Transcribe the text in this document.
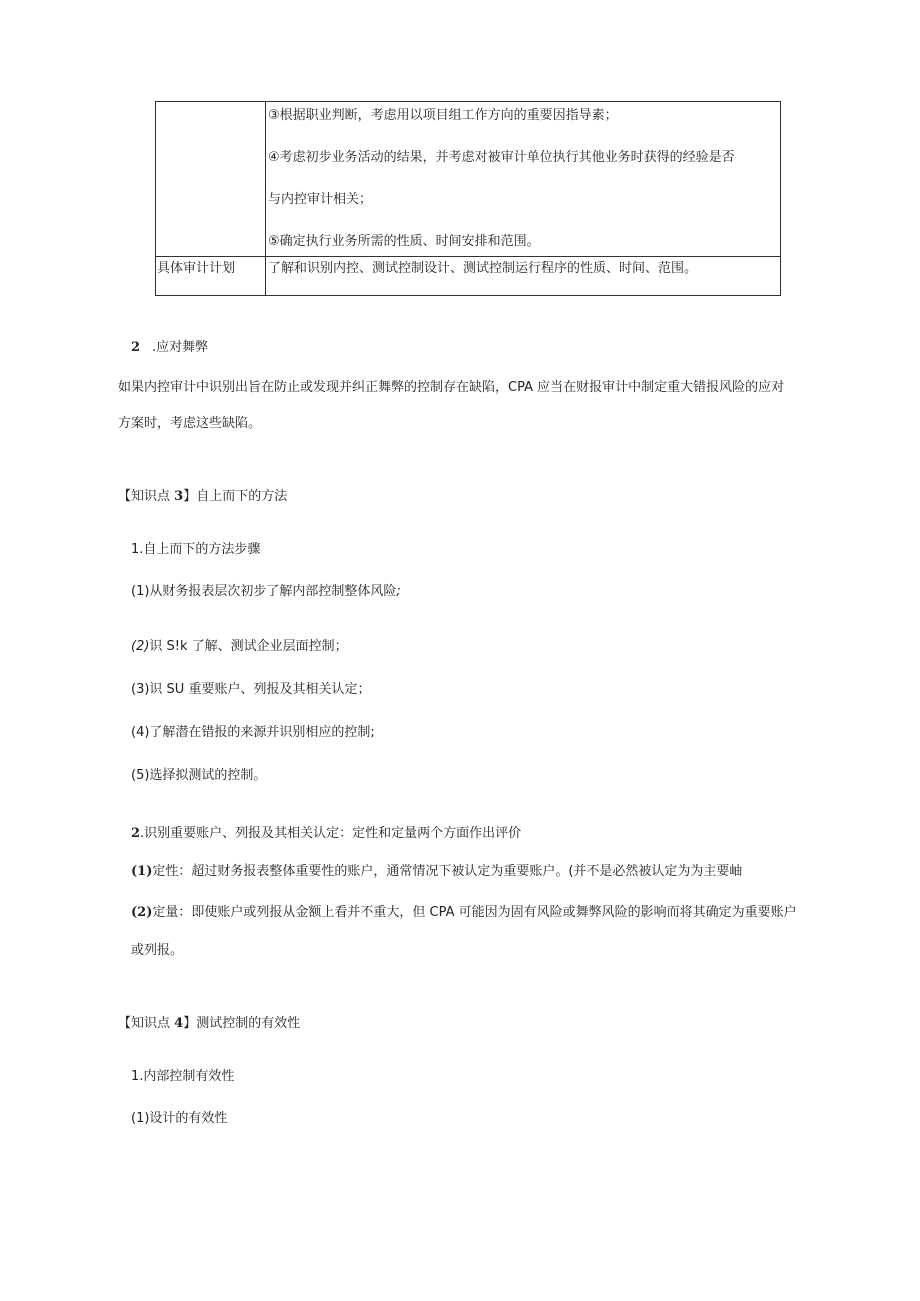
	③根据职业判断，考虑用以项目组工作方向的重要因指导素；

④考虑初步业务活动的结果，并考虑对被审计单位执行其他业务时获得的经验是否

与内控审计相关；

⑤确定执行业务所需的性质、时间安排和范围。

具体审计计划	了解和识别内控、测试控制设计、测试控制运行程序的性质、时间、范围。

2 .应对舞弊

如果内控审计中识别出旨在防止或发现并纠正舞弊的控制存在缺陷，CPA 应当在财报审计中制定重大错报风险的应对

方案时，考虑这些缺陷。

【知识点 3】自上而下的方法

1.自上而下的方法步骤

(1)从财务报表层次初步了解内部控制整体风险;

(2)识 S!k 了解、测试企业层面控制；

(3)识 SU 重要账户、列报及其相关认定；

(4)了解潜在错报的来源并识别相应的控制;

(5)选择拟测试的控制。

2.识别重要账户、列报及其相关认定：定性和定量两个方面作出评价

(1)定性：超过财务报表整体重要性的账户，通常情况下被认定为重要账户。(并不是必然被认定为为主要岫

(2)定量：即使账户或列报从金额上看并不重大，但 CPA 可能因为固有风险或舞弊风险的影响而将其确定为重要账户

或列报。

【知识点 4】测试控制的有效性

1.内部控制有效性

(1)设计的有效性
